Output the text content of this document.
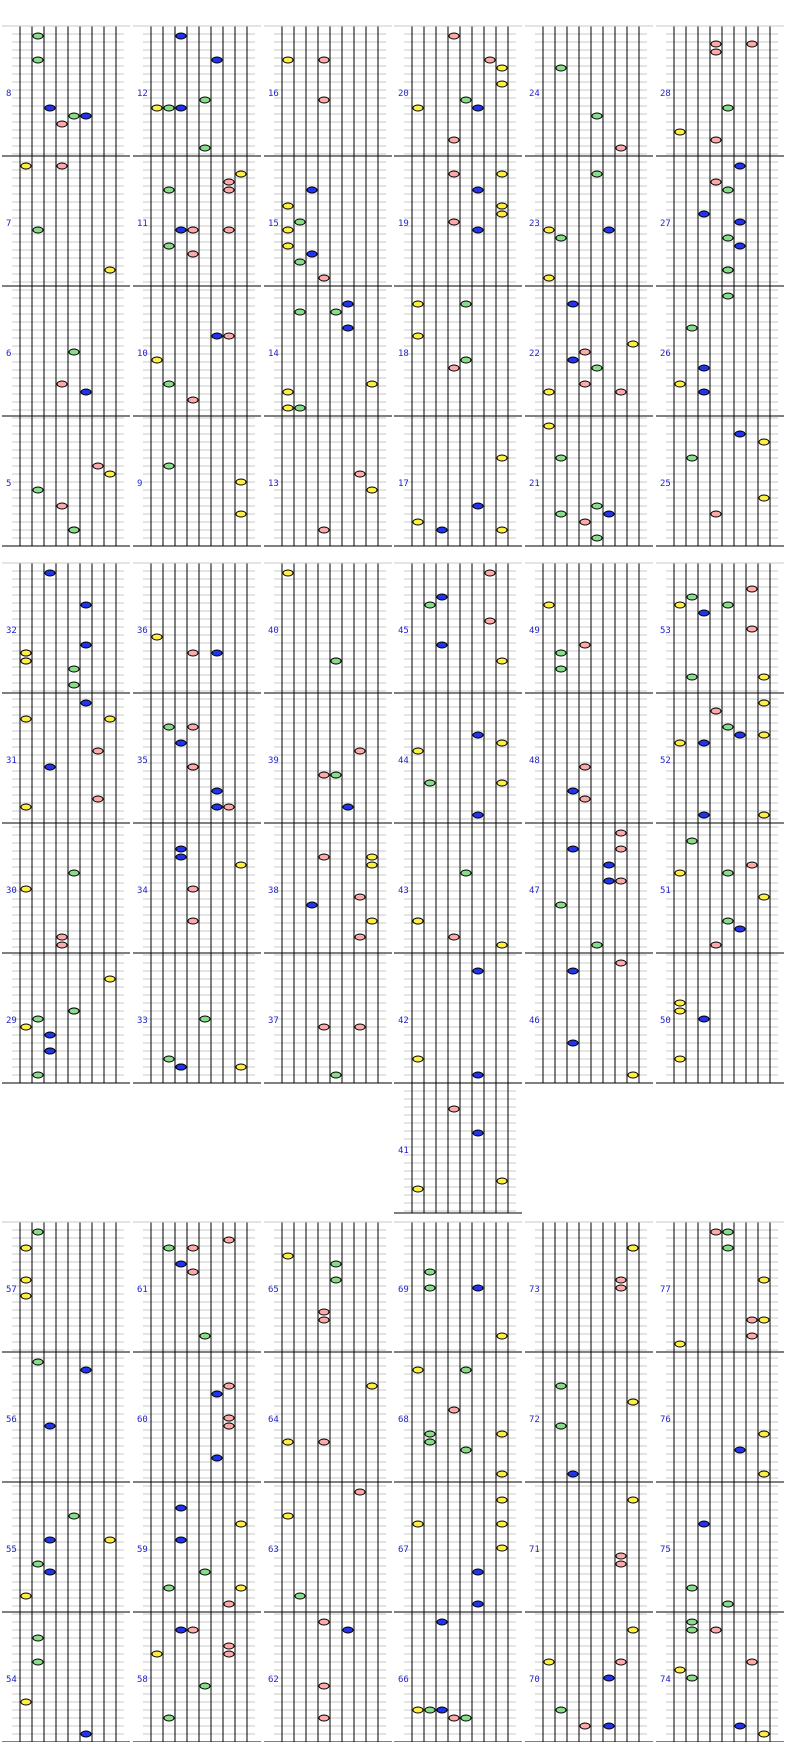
5
6
7
8
9
10
11
12
13
14
15
16
17
18
19
20
21
22
23
24
25
26
27
28
29
30
31
32
33
34
35
36
37
38
39
40
41
42
43
44
45
46
47
48
49
50
51
52
53
54
55
56
57
58
59
60
61
62
63
64
65
66
67
68
69
70
71
72
73
74
75
76
77
